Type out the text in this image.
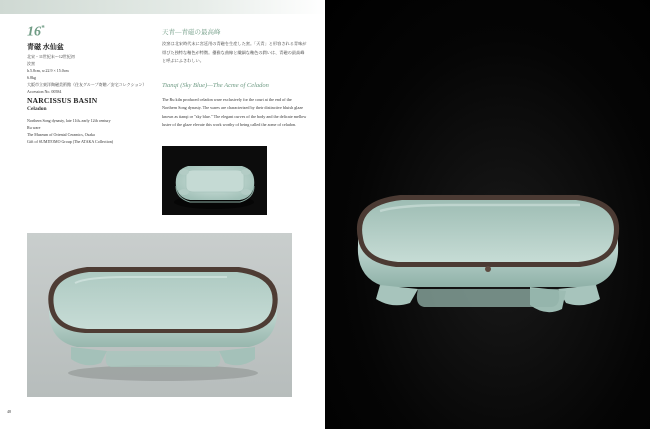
16*
青磁 水仙盆
北宋・11世紀末〜12世紀初
汝窯
h.5.8cm, w.22.9 × 15.0cm
6.8kg
大阪市立東洋陶磁美術館（住友グループ寄贈／安宅コレクション）
Accession No. 00584
NARCISSUS BASIN
Celadon
Northern Song dynasty, late 11th–early 12th century
Ru ware
The Museum of Oriental Ceramics, Osaka
Gift of SUMITOMO Group (The ATAKA Collection)
天青―青磁の最高峰
汝窯は北宋時代末に宮廷用の青磁を生産した窯。「天青」と形容される青味が帯びた独特な釉色が特徴。優雅な曲線と繊細な釉色の潤いは、青磁の最高峰と呼ぶにふさわしい。
Tianqi (Sky Blue)—The Acme of Celadon
The Ru kiln produced celadon ware exclusively for the court at the end of the Northern Song dynasty. The wares are characterized by their distinctive bluish glaze known as tianqi or "sky blue." The elegant curves of the body and the delicate mellow luster of the glaze elevate this work worthy of being called the acme of celadon.
48
